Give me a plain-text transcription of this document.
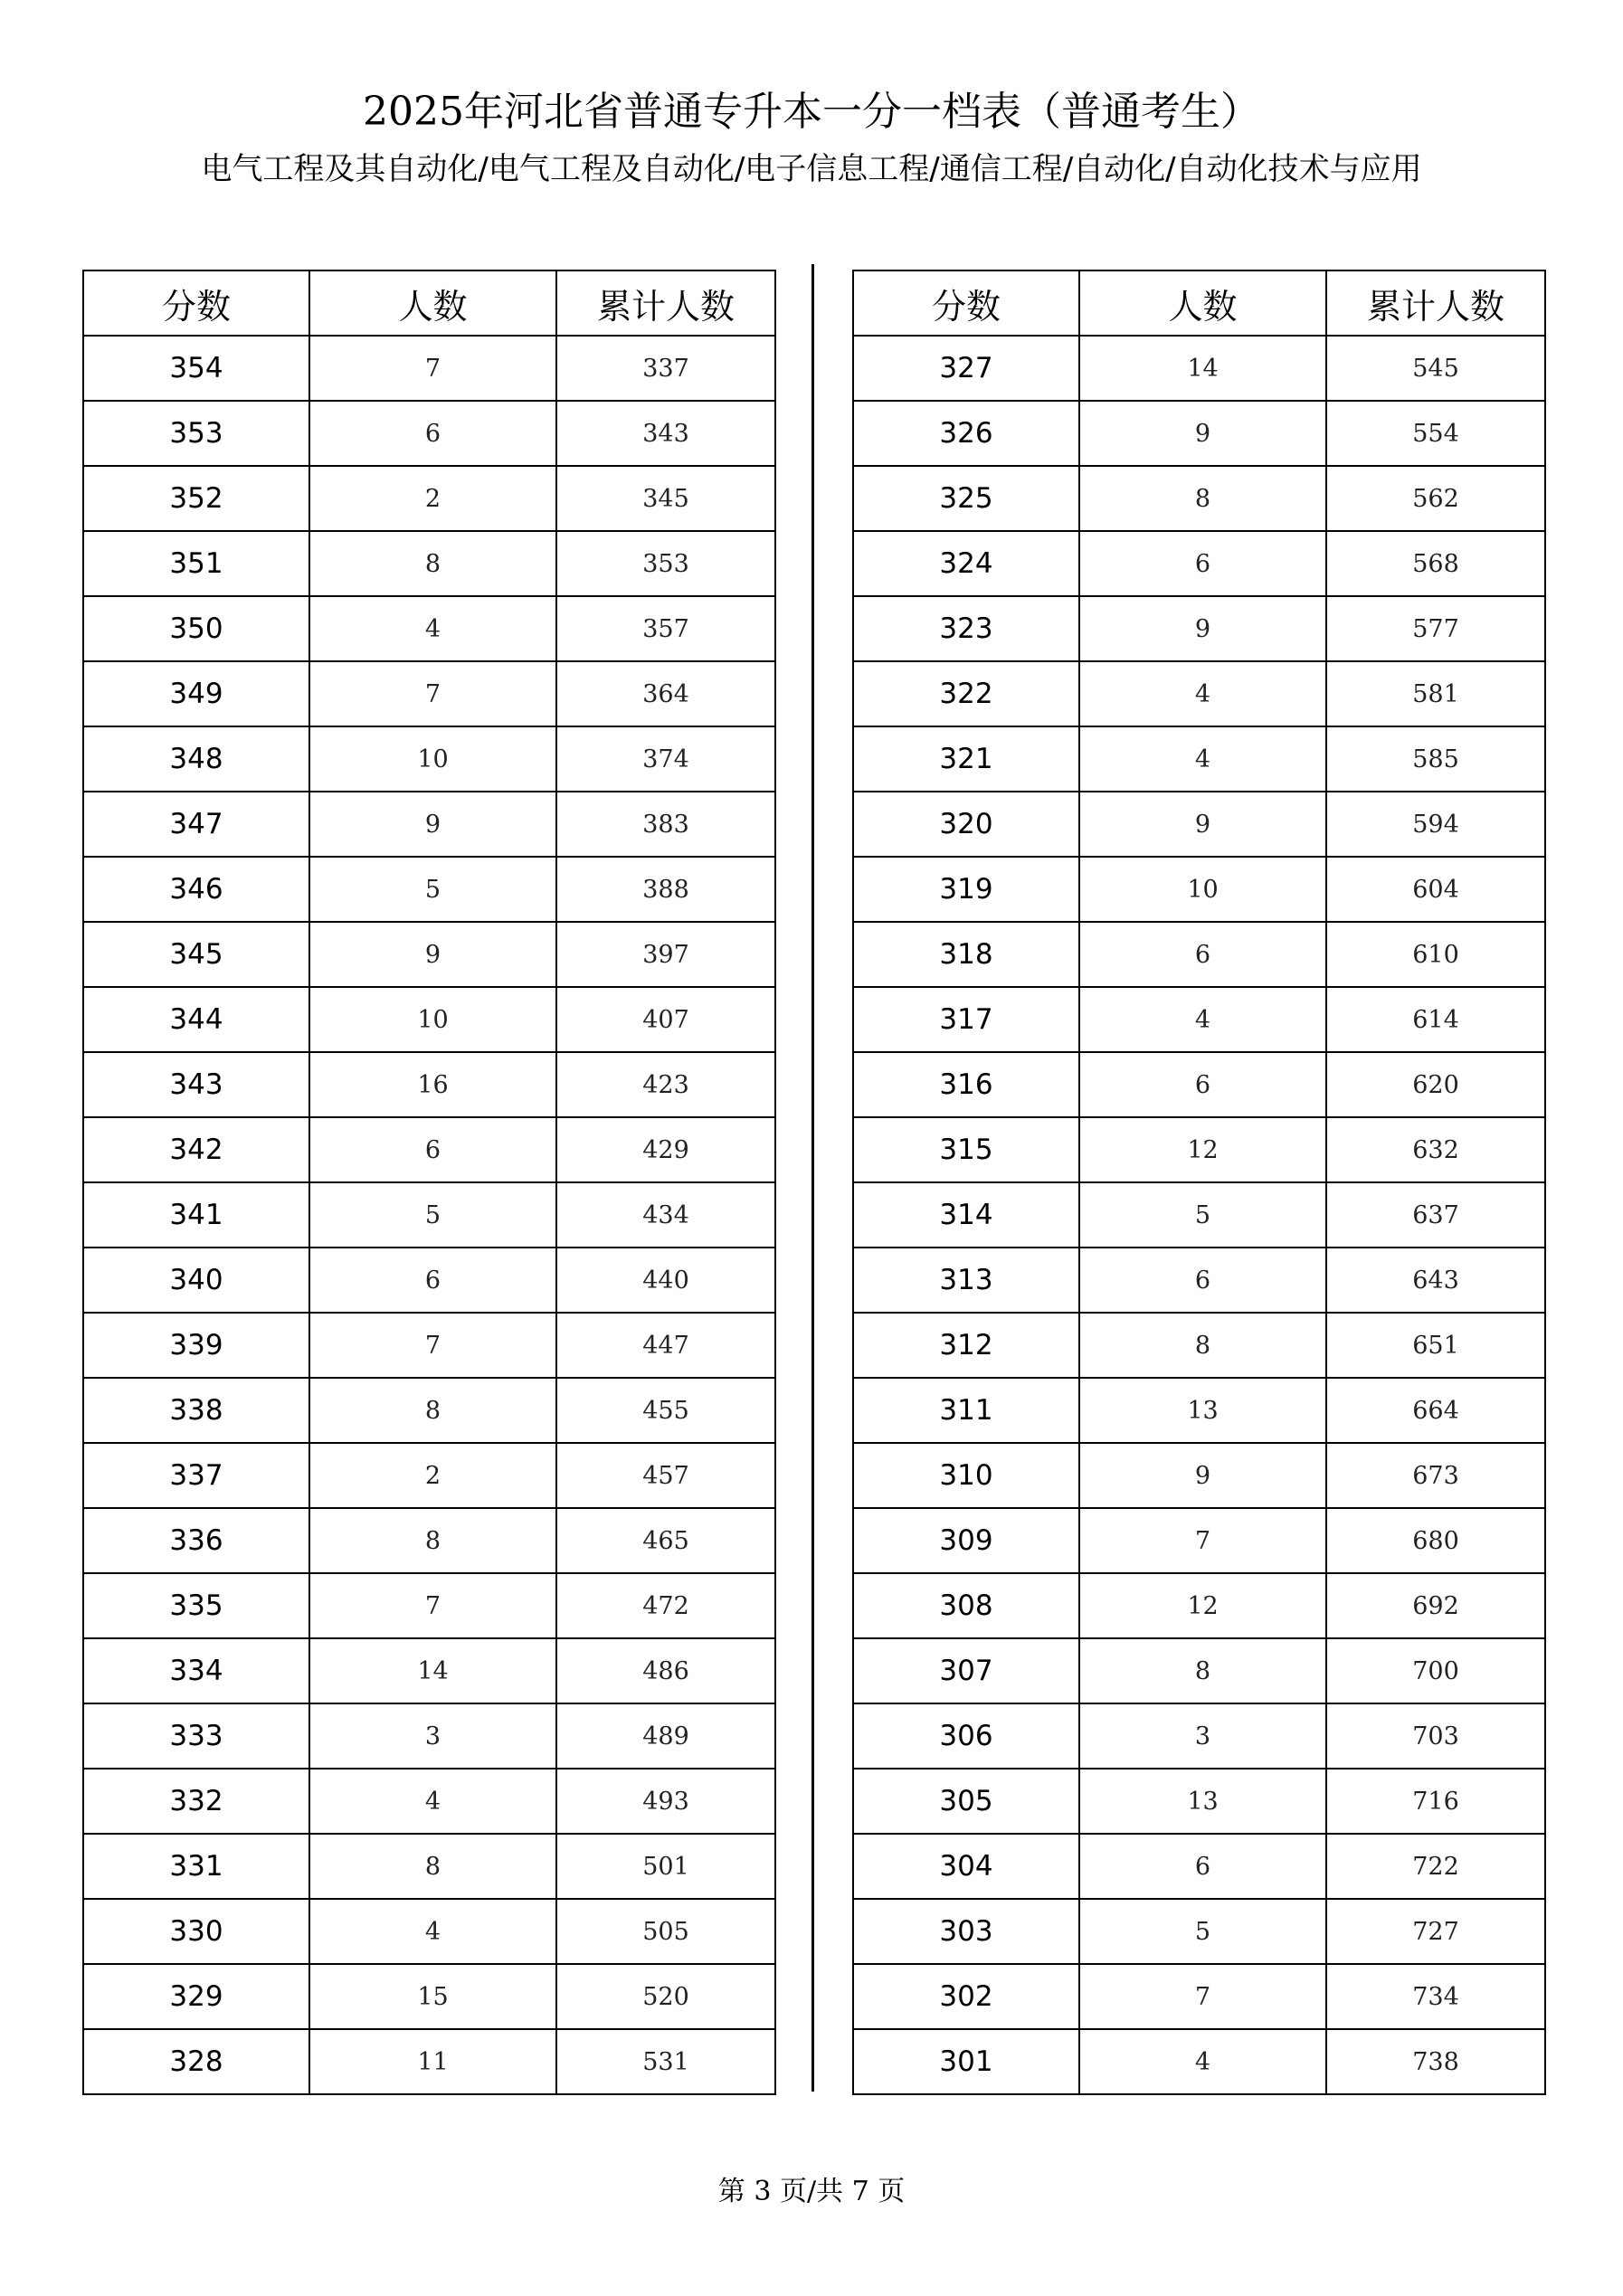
2025年河北省普通专升本一分一档表（普通考生）
电气工程及其自动化/电气工程及自动化/电子信息工程/通信工程/自动化/自动化技术与应用
分数	人数	累计人数
354	7	337
353	6	343
352	2	345
351	8	353
350	4	357
349	7	364
348	10	374
347	9	383
346	5	388
345	9	397
344	10	407
343	16	423
342	6	429
341	5	434
340	6	440
339	7	447
338	8	455
337	2	457
336	8	465
335	7	472
334	14	486
333	3	489
332	4	493
331	8	501
330	4	505
329	15	520
328	11	531
分数	人数	累计人数
327	14	545
326	9	554
325	8	562
324	6	568
323	9	577
322	4	581
321	4	585
320	9	594
319	10	604
318	6	610
317	4	614
316	6	620
315	12	632
314	5	637
313	6	643
312	8	651
311	13	664
310	9	673
309	7	680
308	12	692
307	8	700
306	3	703
305	13	716
304	6	722
303	5	727
302	7	734
301	4	738
第 3 页/共 7 页
